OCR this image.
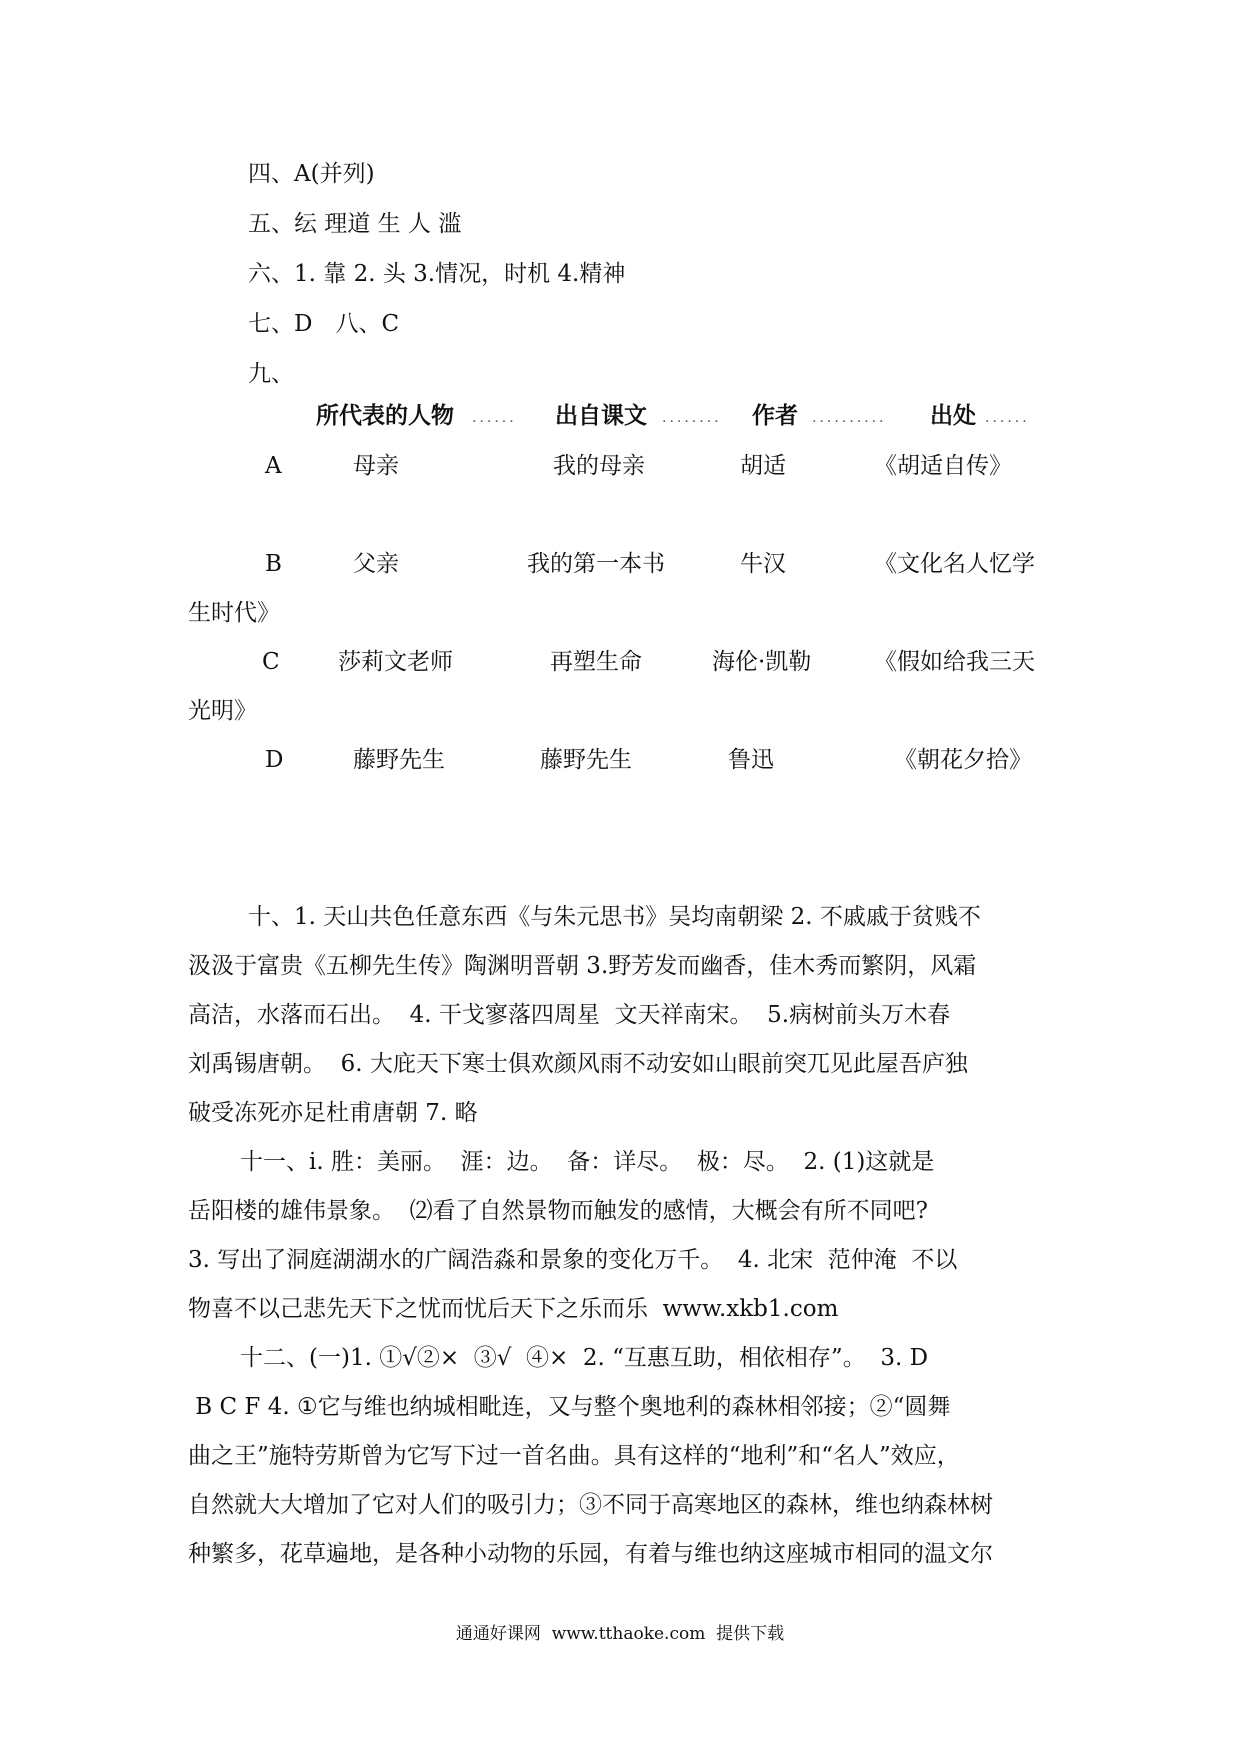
四、A(并列)
五、纭 理道 生 人 滥
六、1. 靠 2. 头 3.情况，时机 4.精神
七、D　八、C
九、
所代表的人物 ...... 出自课文 ........ 作者 .......... 出处 ......
A	母亲	我的母亲	胡适	《胡适自传》
B	父亲	我的第一本书	牛汉	《文化名人忆学
生时代》
C	莎莉文老师	再塑生命	海伦·凯勒	《假如给我三天
光明》
D	藤野先生	藤野先生	鲁迅	《朝花夕拾》
十、1. 天山共色任意东西《与朱元思书》吴均南朝梁 2. 不戚戚于贫贱不
汲汲于富贵《五柳先生传》陶渊明晋朝 3.野芳发而幽香，佳木秀而繁阴，风霜
高洁，水落而石出。  4. 干戈寥落四周星  文天祥南宋。  5.病树前头万木春
刘禹锡唐朝。  6. 大庇天下寒士俱欢颜风雨不动安如山眼前突兀见此屋吾庐独
破受冻死亦足杜甫唐朝 7. 略
十一、i. 胜：美丽。  涯：边。  备：详尽。  极：尽。  2. (1)这就是
岳阳楼的雄伟景象。  ⑵看了自然景物而触发的感情，大概会有所不同吧?
3. 写出了洞庭湖湖水的广阔浩淼和景象的变化万千。  4. 北宋  范仲淹  不以
物喜不以己悲先天下之忧而忧后天下之乐而乐  www.xkb1.com
十二、(一)1. ①√②×  ③√  ④×  2. “互惠互助，相依相存”。  3. D
B C F 4. ①它与维也纳城相毗连，又与整个奥地利的森林相邻接；②“圆舞
曲之王”施特劳斯曾为它写下过一首名曲。具有这样的“地利”和“名人”效应，
自然就大大增加了它对人们的吸引力；③不同于高寒地区的森林，维也纳森林树
种繁多，花草遍地，是各种小动物的乐园，有着与维也纳这座城市相同的温文尔
通通好课网  www.tthaoke.com  提供下载
